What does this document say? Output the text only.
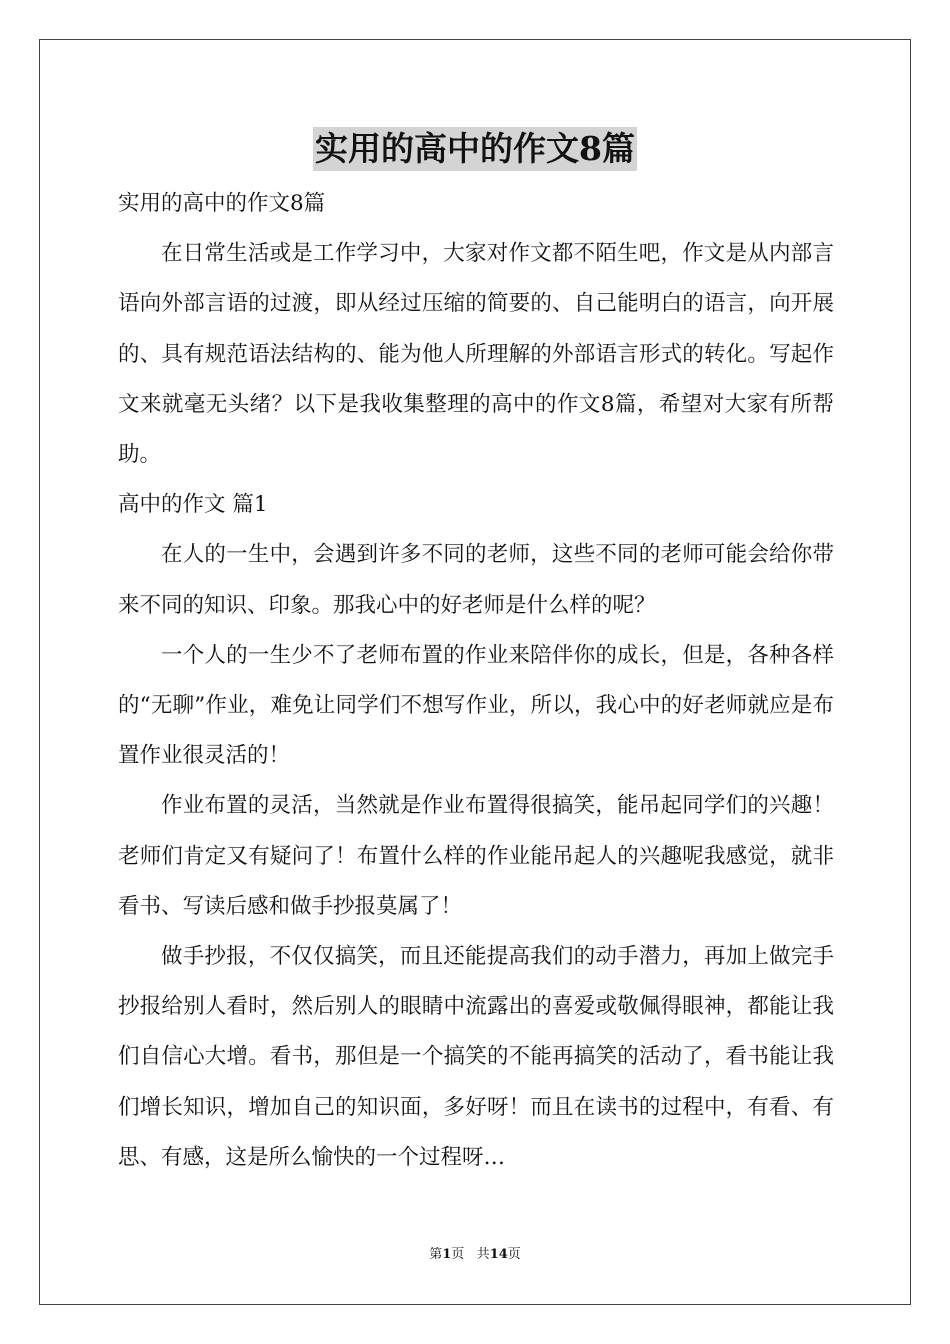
实用的高中的作文8篇

实用的高中的作文8篇

在日常生活或是工作学习中，大家对作文都不陌生吧，作文是从内部言语向外部言语的过渡，即从经过压缩的简要的、自己能明白的语言，向开展的、具有规范语法结构的、能为他人所理解的外部语言形式的转化。写起作文来就毫无头绪？以下是我收集整理的高中的作文8篇，希望对大家有所帮助。

高中的作文 篇1

在人的一生中，会遇到许多不同的老师，这些不同的老师可能会给你带来不同的知识、印象。那我心中的好老师是什么样的呢？

一个人的一生少不了老师布置的作业来陪伴你的成长，但是，各种各样的“无聊”作业，难免让同学们不想写作业，所以，我心中的好老师就应是布置作业很灵活的！

作业布置的灵活，当然就是作业布置得很搞笑，能吊起同学们的兴趣！老师们肯定又有疑问了！布置什么样的作业能吊起人的兴趣呢我感觉，就非看书、写读后感和做手抄报莫属了！

做手抄报，不仅仅搞笑，而且还能提高我们的动手潜力，再加上做完手抄报给别人看时，然后别人的眼睛中流露出的喜爱或敬佩得眼神，都能让我们自信心大增。看书，那但是一个搞笑的不能再搞笑的活动了，看书能让我们增长知识，增加自己的知识面，多好呀！而且在读书的过程中，有看、有思、有感，这是所么愉快的一个过程呀…

第1页 共14页
